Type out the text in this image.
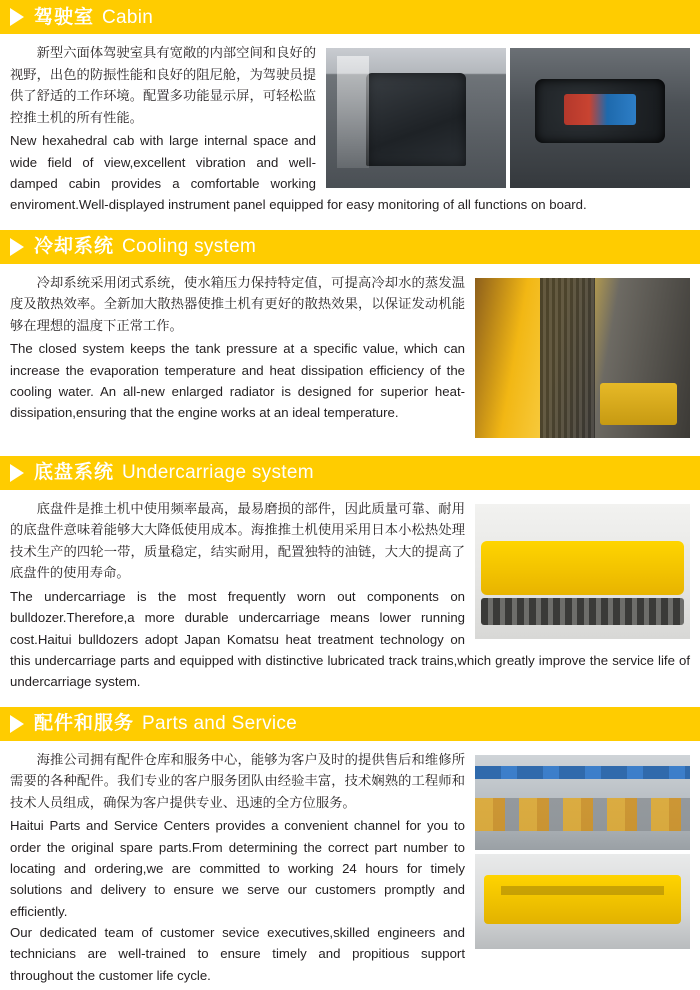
驾驶室 Cabin

新型六面体驾驶室具有宽敞的内部空间和良好的视野，出色的防振性能和良好的阻尼舱，为驾驶员提供了舒适的工作环境。配置多功能显示屏，可轻松监控推土机的所有性能。

New hexahedral cab with large internal space and wide field of view,excellent vibration and well-damped cabin provides a comfortable working enviroment.Well-displayed instrument panel equipped for easy monitoring of all functions on board.

冷却系统 Cooling system

冷却系统采用闭式系统，使水箱压力保持特定值，可提高冷却水的蒸发温度及散热效率。全新加大散热器使推土机有更好的散热效果，以保证发动机能够在理想的温度下正常工作。

The closed system keeps the tank pressure at a specific value, which can increase the evaporation temperature and heat dissipation efficiency of the cooling water. An all-new enlarged radiator is designed for superior heat-dissipation,ensuring that the engine works at an ideal temperature.

底盘系统 Undercarriage system

底盘件是推土机中使用频率最高，最易磨损的部件，因此质量可靠、耐用的底盘件意味着能够大大降低使用成本。海推推土机使用采用日本小松热处理技术生产的四轮一带，质量稳定，结实耐用，配置独特的油链，大大的提高了底盘件的使用寿命。

The undercarriage is the most frequently worn out components on bulldozer.Therefore,a more durable undercarriage means lower running cost.Haitui bulldozers adopt Japan Komatsu heat treatment technology on this undercarriage parts and equipped with distinctive lubricated track trains,which greatly improve the service life of undercarriage system.

配件和服务 Parts and Service

海推公司拥有配件仓库和服务中心，能够为客户及时的提供售后和维修所需要的各种配件。我们专业的客户服务团队由经验丰富，技术娴熟的工程师和技术人员组成，确保为客户提供专业、迅速的全方位服务。

Haitui Parts and Service Centers provides a convenient channel for you to order the original spare parts.From determining the correct part number to locating and ordering,we are committed to working 24 hours for timely solutions and delivery to ensure we serve our customers promptly and efficiently.

Our dedicated team of customer sevice executives,skilled engineers and technicians are well-trained to ensure timely and propitious support throughout the customer life cycle.
